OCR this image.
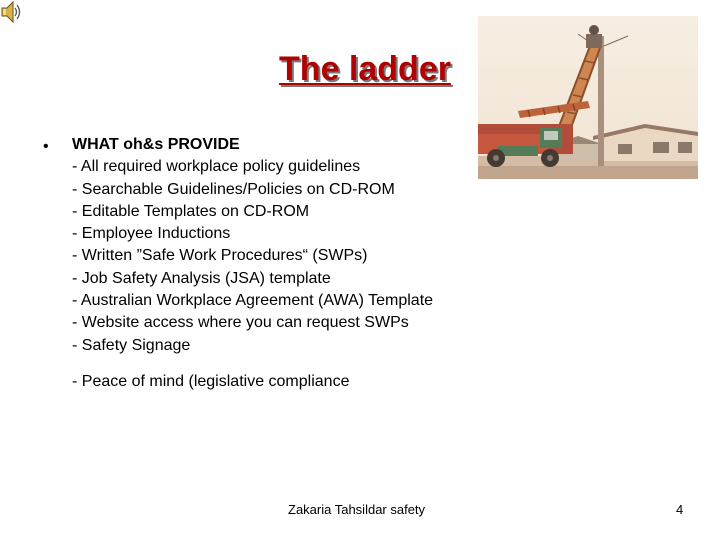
The ladder
• WHAT oh&s PROVIDE
- All required workplace policy guidelines
- Searchable Guidelines/Policies on CD-ROM
- Editable Templates on CD-ROM
- Employee Inductions
- Written ”Safe Work Procedures“ (SWPs)
- Job Safety Analysis (JSA) template
- Australian Workplace Agreement (AWA) Template
- Website access where you can request SWPs
- Safety Signage
- Peace of mind (legislative compliance
Zakaria Tahsildar safety	4
